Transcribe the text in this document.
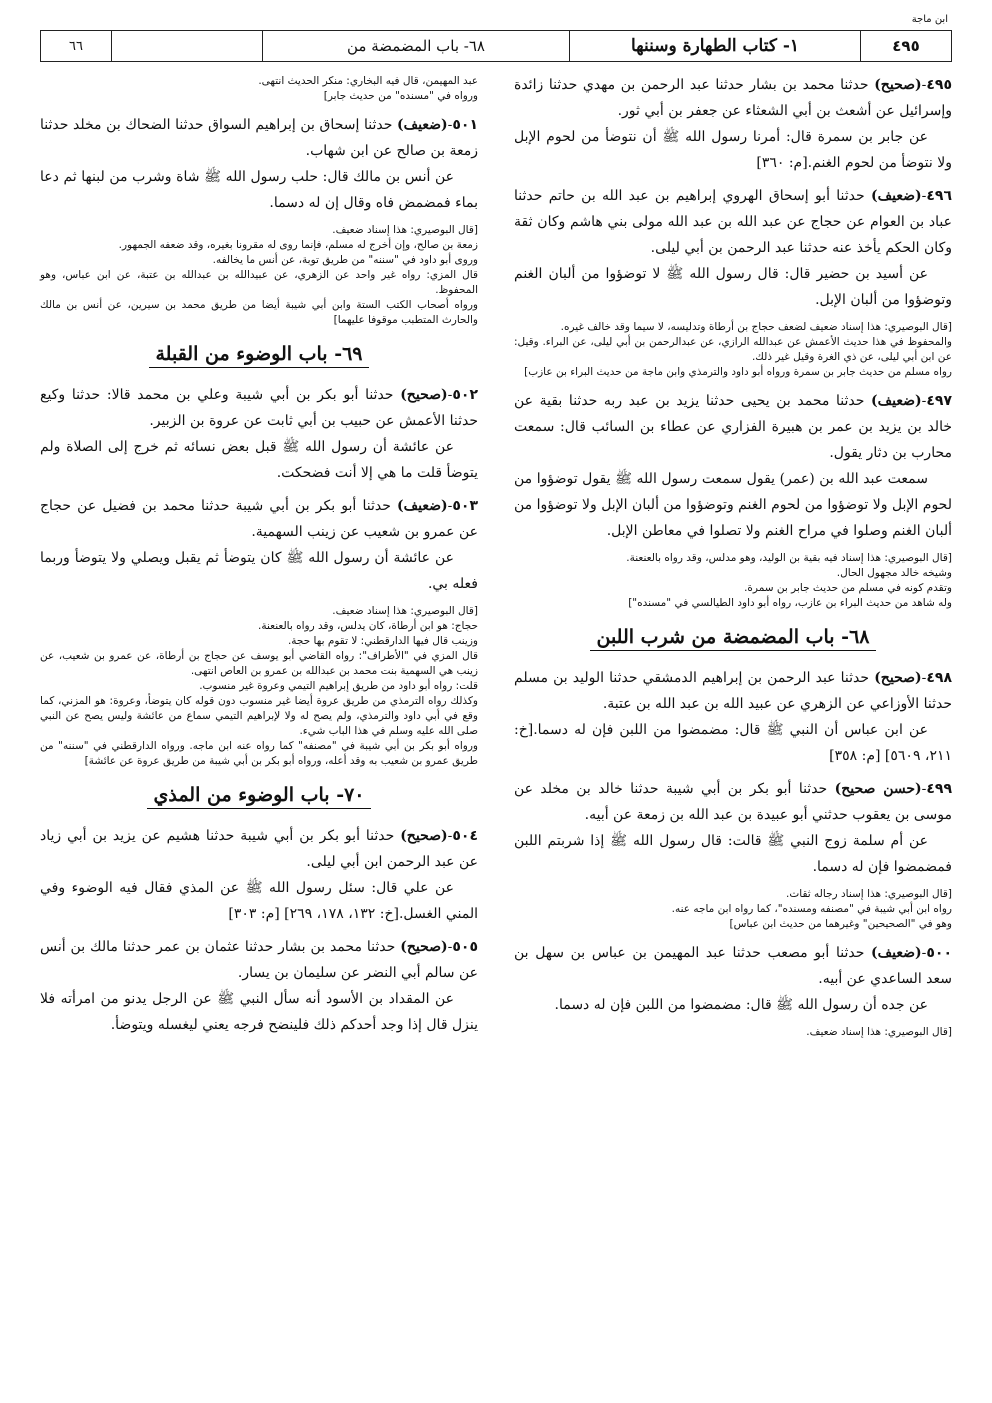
ابن ماجة
٤٩٥
١- كتاب الطهارة وسننها
٦٨- باب المضمضة من
٦٦
٤٩٥-(صحيح) حدثنا محمد بن بشار حدثنا عبد الرحمن بن مهدي حدثنا زائدة وإسرائيل عن أشعث بن أبي الشعثاء عن جعفر بن أبي ثور.
عن جابر بن سمرة قال: أمرنا رسول الله ﷺ أن نتوضأ من لحوم الإبل ولا نتوضأ من لحوم الغنم.[م: ٣٦٠]
٤٩٦-(ضعيف) حدثنا أبو إسحاق الهروي إبراهيم بن عبد الله بن حاتم حدثنا عباد بن العوام عن حجاج عن عبد الله بن عبد الله مولى بني هاشم وكان ثقة وكان الحكم يأخذ عنه حدثنا عبد الرحمن بن أبي ليلى.
عن أسيد بن حضير قال: قال رسول الله ﷺ لا توضؤوا من ألبان الغنم وتوضؤوا من ألبان الإبل.
[قال البوصيري: هذا إسناد ضعيف لضعف حجاج بن أرطاة وتدليسه، لا سيما وقد خالف غيره.
والمحفوظ في هذا حديث الأعمش عن عبدالله الرازي، عن عبدالرحمن بن أبي ليلى، عن البراء. وقيل: عن ابن أبي ليلى، عن ذي الغرة وقيل غير ذلك.
رواه مسلم من حديث جابر بن سمرة ورواه أبو داود والترمذي وابن ماجة من حديث البراء بن عازب]
٤٩٧-(ضعيف) حدثنا محمد بن يحيى حدثنا يزيد بن عبد ربه حدثنا بقية عن خالد بن يزيد بن عمر بن هبيرة الفزاري عن عطاء بن السائب قال: سمعت محارب بن دثار يقول.
سمعت عبد الله بن (عمر) يقول سمعت رسول الله ﷺ يقول توضؤوا من لحوم الإبل ولا توضؤوا من لحوم الغنم وتوضؤوا من ألبان الإبل ولا توضؤوا من ألبان الغنم وصلوا في مراح الغنم ولا تصلوا في معاطن الإبل.
[قال البوصيري: هذا إسناد فيه بقية بن الوليد، وهو مدلس، وقد رواه بالعنعنة.
وشيخه خالد مجهول الحال.
وتقدم كونه في مسلم من حديث جابر بن سمرة.
وله شاهد من حديث البراء بن عازب، رواه أبو داود الطيالسي في "مسنده"]
٦٨- باب المضمضة من شرب اللبن
٤٩٨-(صحيح) حدثنا عبد الرحمن بن إبراهيم الدمشقي حدثنا الوليد بن مسلم حدثنا الأوزاعي عن الزهري عن عبيد الله بن عبد الله بن عتبة.
عن ابن عباس أن النبي ﷺ قال: مضمضوا من اللبن فإن له دسما.[خ: ٢١١، ٥٦٠٩] [م: ٣٥٨]
٤٩٩-(حسن صحيح) حدثنا أبو بكر بن أبي شيبة حدثنا خالد بن مخلد عن موسى بن يعقوب حدثني أبو عبيدة بن عبد الله بن زمعة عن أبيه.
عن أم سلمة زوج النبي ﷺ قالت: قال رسول الله ﷺ إذا شربتم اللبن فمضمضوا فإن له دسما.
[قال البوصيري: هذا إسناد رجاله ثقات.
رواه ابن أبي شيبة في "مصنفه ومسنده"، كما رواه ابن ماجه عنه.
وهو في "الصحيحين" وغيرهما من حديث ابن عباس]
٥٠٠-(ضعيف) حدثنا أبو مصعب حدثنا عبد المهيمن بن عباس بن سهل بن سعد الساعدي عن أبيه.
عن جده أن رسول الله ﷺ قال: مضمضوا من اللبن فإن له دسما.
[قال البوصيري: هذا إسناد ضعيف.
عبد المهيمن، قال فيه البخاري: منكر الحديث انتهى.
ورواه في "مسنده" من حديث جابر]
٥٠١-(ضعيف) حدثنا إسحاق بن إبراهيم السواق حدثنا الضحاك بن مخلد حدثنا زمعة بن صالح عن ابن شهاب.
عن أنس بن مالك قال: حلب رسول الله ﷺ شاة وشرب من لبنها ثم دعا بماء فمضمض فاه وقال إن له دسما.
[قال البوصيري: هذا إسناد ضعيف.
زمعة بن صالح، وإن أخرج له مسلم، فإنما روى له مقرونا بغيره، وقد ضعفه الجمهور.
وروى أبو داود في "سننه" من طريق توبة، عن أنس ما يخالفه.
قال المزي: رواه غير واحد عن الزهري، عن عبيدالله بن عبدالله بن عتبة، عن ابن عباس، وهو المحفوظ.
ورواه أصحاب الكتب الستة وابن أبي شيبة أيضا من طريق محمد بن سيرين، عن أنس بن مالك والحارث المتطبب موقوفا عليهما]
٦٩- باب الوضوء من القبلة
٥٠٢-(صحيح) حدثنا أبو بكر بن أبي شيبة وعلي بن محمد قالا: حدثنا وكيع حدثنا الأعمش عن حبيب بن أبي ثابت عن عروة بن الزبير.
عن عائشة أن رسول الله ﷺ قبل بعض نسائه ثم خرج إلى الصلاة ولم يتوضأ قلت ما هي إلا أنت فضحكت.
٥٠٣-(ضعيف) حدثنا أبو بكر بن أبي شيبة حدثنا محمد بن فضيل عن حجاج عن عمرو بن شعيب عن زينب السهمية.
عن عائشة أن رسول الله ﷺ كان يتوضأ ثم يقبل ويصلي ولا يتوضأ وربما فعله بي.
[قال البوصيري: هذا إسناد ضعيف.
حجاج: هو ابن أرطاة، كان يدلس، وقد رواه بالعنعنة.
وزينب قال فيها الدارقطني: لا تقوم بها حجة.
قال المزي في "الأطراف": رواه القاضي أبو يوسف عن حجاج بن أرطاة، عن عمرو بن شعيب، عن زينب هي السهمية بنت محمد بن عبدالله بن عمرو بن العاص انتهى.
قلت: رواه أبو داود من طريق إبراهيم التيمي وعروة غير منسوب.
وكذلك رواه الترمذي من طريق عروة أيضا غير منسوب دون قوله كان يتوضأ، وعروة: هو المزني، كما وقع في أبي داود والترمذي، ولم يصح له ولا لإبراهيم التيمي سماع من عائشة وليس يصح عن النبي صلى الله عليه وسلم في هذا الباب شيء.
ورواه أبو بكر بن أبي شيبة في "مصنفه" كما رواه عنه ابن ماجه. ورواه الدارقطني في "سننه" من طريق عمرو بن شعيب به وقد أعله، ورواه أبو بكر بن أبي شيبة من طريق عروة عن عائشة]
٧٠- باب الوضوء من المذي
٥٠٤-(صحيح) حدثنا أبو بكر بن أبي شيبة حدثنا هشيم عن يزيد بن أبي زياد عن عبد الرحمن ابن أبي ليلى.
عن علي قال: سئل رسول الله ﷺ عن المذي فقال فيه الوضوء وفي المني الغسل.[خ: ١٣٢، ١٧٨، ٢٦٩] [م: ٣٠٣]
٥٠٥-(صحيح) حدثنا محمد بن بشار حدثنا عثمان بن عمر حدثنا مالك بن أنس عن سالم أبي النضر عن سليمان بن يسار.
عن المقداد بن الأسود أنه سأل النبي ﷺ عن الرجل يدنو من امرأته فلا ينزل قال إذا وجد أحدكم ذلك فلينضح فرجه يعني ليغسله ويتوضأ.
